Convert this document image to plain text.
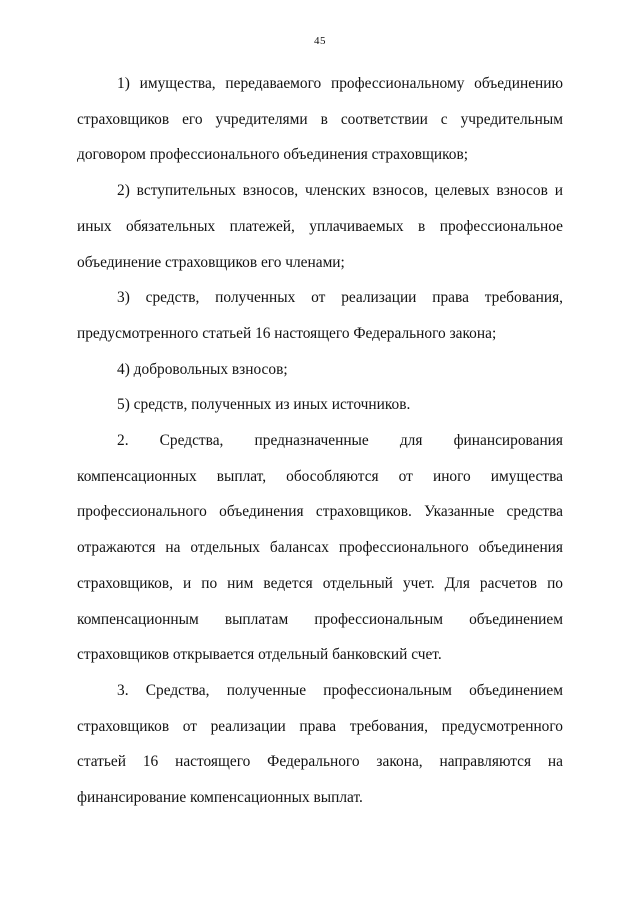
45

1) имущества, передаваемого профессиональному объединению страховщиков его учредителями в соответствии с учредительным договором профессионального объединения страховщиков;

2) вступительных взносов, членских взносов, целевых взносов и иных обязательных платежей, уплачиваемых в профессиональное объединение страховщиков его членами;

3) средств, полученных от реализации права требования, предусмотренного статьей 16 настоящего Федерального закона;

4) добровольных взносов;

5) средств, полученных из иных источников.

2. Средства, предназначенные для финансирования компенсационных выплат, обособляются от иного имущества профессионального объединения страховщиков. Указанные средства отражаются на отдельных балансах профессионального объединения страховщиков, и по ним ведется отдельный учет. Для расчетов по компенсационным выплатам профессиональным объединением страховщиков открывается отдельный банковский счет.

3. Средства, полученные профессиональным объединением страховщиков от реализации права требования, предусмотренного статьей 16 настоящего Федерального закона, направляются на финансирование компенсационных выплат.
